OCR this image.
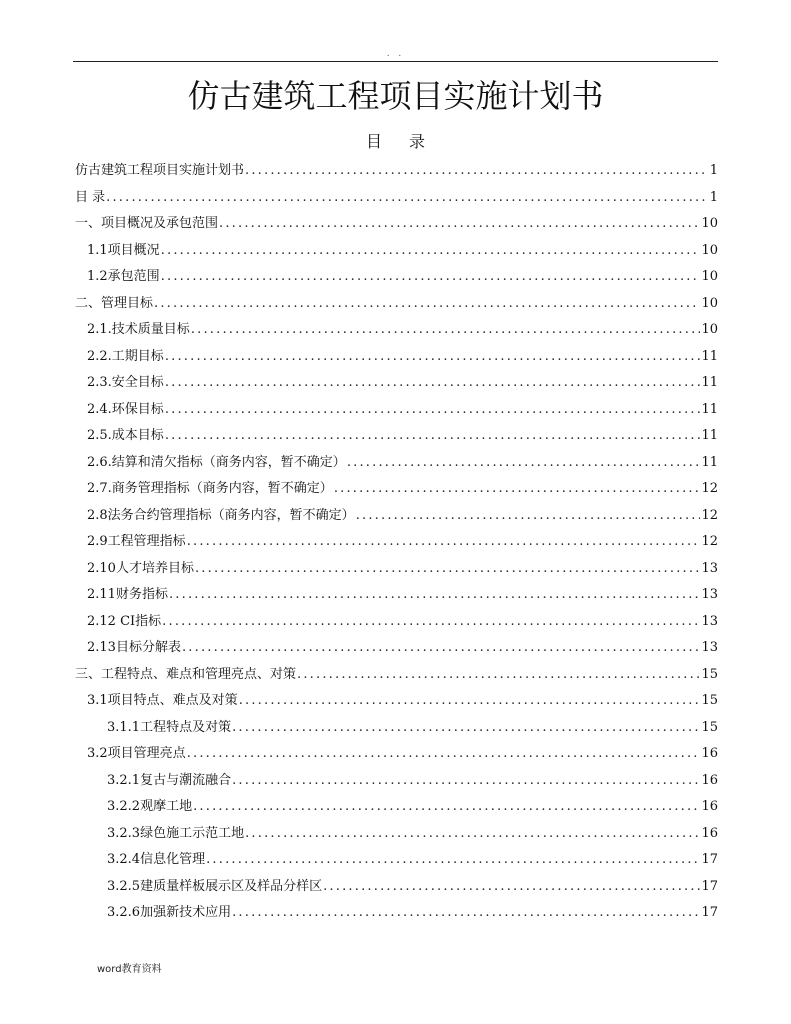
. .
仿古建筑工程项目实施计划书
目 录
仿古建筑工程项目实施计划书 .....	1
目 录 .....	1
一、项目概况及承包范围 .....	10
1.1项目概况 .....	10
1.2承包范围 .....	10
二、管理目标 .....	10
2.1.技术质量目标 .....	10
2.2.工期目标 .....	11
2.3.安全目标 .....	11
2.4.环保目标 .....	11
2.5.成本目标 .....	11
2.6.结算和清欠指标（商务内容，暂不确定） .....	11
2.7.商务管理指标（商务内容，暂不确定） .....	12
2.8法务合约管理指标（商务内容，暂不确定） .....	12
2.9工程管理指标 .....	12
2.10人才培养目标 .....	13
2.11财务指标 .....	13
2.12 CI指标 .....	13
2.13目标分解表 .....	13
三、工程特点、难点和管理亮点、对策 .....	15
3.1项目特点、难点及对策 .....	15
3.1.1工程特点及对策 .....	15
3.2项目管理亮点 .....	16
3.2.1复古与潮流融合 .....	16
3.2.2观摩工地 .....	16
3.2.3绿色施工示范工地 .....	16
3.2.4信息化管理 .....	17
3.2.5建质量样板展示区及样品分样区 .....	17
3.2.6加强新技术应用 .....	17
word教育资料
